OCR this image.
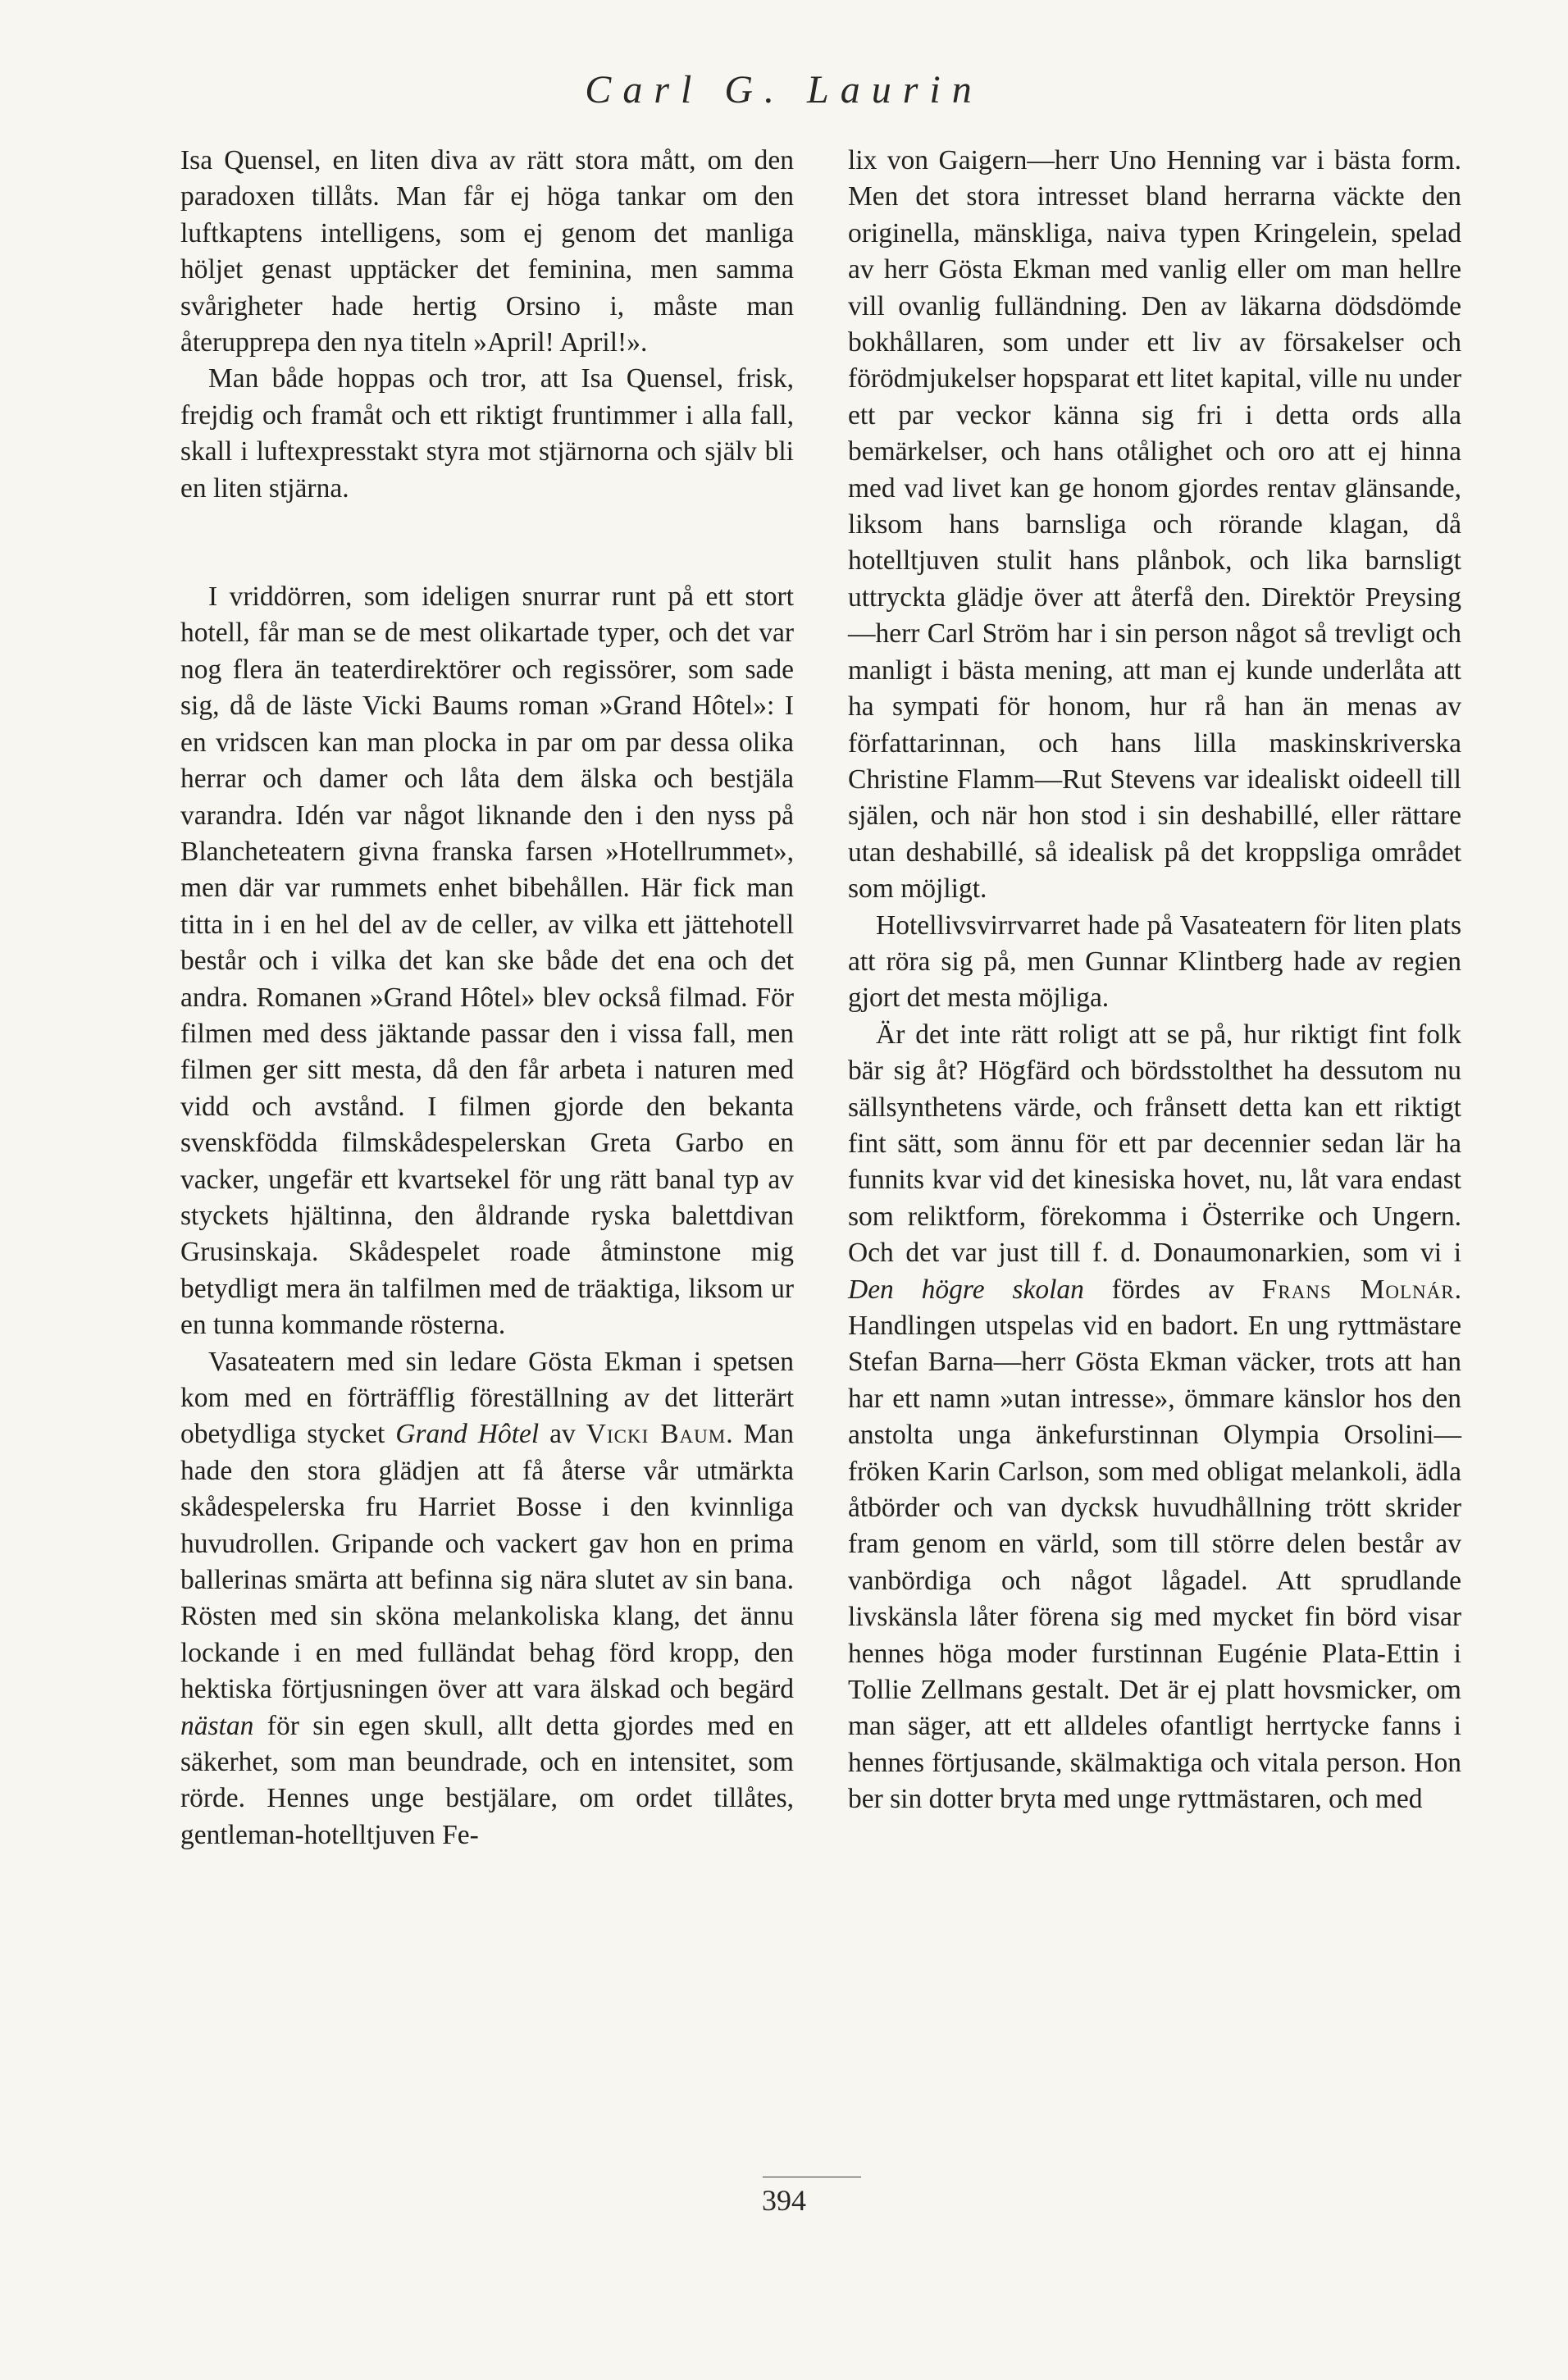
Carl G. Laurin

Isa Quensel, en liten diva av rätt stora mått, om den paradoxen tillåts. Man får ej höga tankar om den luftkaptens intelligens, som ej genom det manliga höljet genast upptäcker det feminina, men samma svårigheter hade hertig Orsino i, måste man återupprepa den nya titeln »April! April!».

Man både hoppas och tror, att Isa Quensel, frisk, frejdig och framåt och ett riktigt fruntimmer i alla fall, skall i luftexpresstakt styra mot stjärnorna och själv bli en liten stjärna.

I vriddörren, som ideligen snurrar runt på ett stort hotell, får man se de mest olikartade typer, och det var nog flera än teaterdirektörer och regissörer, som sade sig, då de läste Vicki Baums roman »Grand Hôtel»: I en vridscen kan man plocka in par om par dessa olika herrar och damer och låta dem älska och bestjäla varandra. Idén var något liknande den i den nyss på Blancheteatern givna franska farsen »Hotellrummet», men där var rummets enhet bibehållen. Här fick man titta in i en hel del av de celler, av vilka ett jättehotell består och i vilka det kan ske både det ena och det andra. Romanen »Grand Hôtel» blev också filmad. För filmen med dess jäktande passar den i vissa fall, men filmen ger sitt mesta, då den får arbeta i naturen med vidd och avstånd. I filmen gjorde den bekanta svenskfödda filmskådespelerskan Greta Garbo en vacker, ungefär ett kvartsekel för ung rätt banal typ av styckets hjältinna, den åldrande ryska balettdivan Grusinskaja. Skådespelet roade åtminstone mig betydligt mera än talfilmen med de träaktiga, liksom ur en tunna kommande rösterna.

Vasateatern med sin ledare Gösta Ekman i spetsen kom med en förträfflig föreställning av det litterärt obetydliga stycket Grand Hôtel av Vicki Baum. Man hade den stora glädjen att få återse vår utmärkta skådespelerska fru Harriet Bosse i den kvinnliga huvudrollen. Gripande och vackert gav hon en prima ballerinas smärta att befinna sig nära slutet av sin bana. Rösten med sin sköna melankoliska klang, det ännu lockande i en med fulländat behag förd kropp, den hektiska förtjusningen över att vara älskad och begärd nästan för sin egen skull, allt detta gjordes med en säkerhet, som man beundrade, och en intensitet, som rörde. Hennes unge bestjälare, om ordet tillåtes, gentleman-hotelltjuven Fe-

lix von Gaigern—herr Uno Henning var i bästa form. Men det stora intresset bland herrarna väckte den originella, mänskliga, naiva typen Kringelein, spelad av herr Gösta Ekman med vanlig eller om man hellre vill ovanlig fulländning. Den av läkarna dödsdömde bokhållaren, som under ett liv av försakelser och förödmjukelser hopsparat ett litet kapital, ville nu under ett par veckor känna sig fri i detta ords alla bemärkelser, och hans otålighet och oro att ej hinna med vad livet kan ge honom gjordes rentav glänsande, liksom hans barnsliga och rörande klagan, då hotelltjuven stulit hans plånbok, och lika barnsligt uttryckta glädje över att återfå den. Direktör Preysing—herr Carl Ström har i sin person något så trevligt och manligt i bästa mening, att man ej kunde underlåta att ha sympati för honom, hur rå han än menas av författarinnan, och hans lilla maskinskriverska Christine Flamm—Rut Stevens var idealiskt oideell till själen, och när hon stod i sin deshabillé, eller rättare utan deshabillé, så idealisk på det kroppsliga området som möjligt.

Hotellivsvirrvarret hade på Vasateatern för liten plats att röra sig på, men Gunnar Klintberg hade av regien gjort det mesta möjliga.

Är det inte rätt roligt att se på, hur riktigt fint folk bär sig åt? Högfärd och bördsstolthet ha dessutom nu sällsynthetens värde, och frånsett detta kan ett riktigt fint sätt, som ännu för ett par decennier sedan lär ha funnits kvar vid det kinesiska hovet, nu, låt vara endast som reliktform, förekomma i Österrike och Ungern. Och det var just till f. d. Donaumonarkien, som vi i Den högre skolan fördes av Frans Molnár. Handlingen utspelas vid en badort. En ung ryttmästare Stefan Barna—herr Gösta Ekman väcker, trots att han har ett namn »utan intresse», ömmare känslor hos den anstolta unga änkefurstinnan Olympia Orsolini—fröken Karin Carlson, som med obligat melankoli, ädla åtbörder och van dycksk huvudhållning trött skrider fram genom en värld, som till större delen består av vanbördiga och något lågadel. Att sprudlande livskänsla låter förena sig med mycket fin börd visar hennes höga moder furstinnan Eugénie Plata-Ettin i Tollie Zellmans gestalt. Det är ej platt hovsmicker, om man säger, att ett alldeles ofantligt herrtycke fanns i hennes förtjusande, skälmaktiga och vitala person. Hon ber sin dotter bryta med unge ryttmästaren, och med

394
